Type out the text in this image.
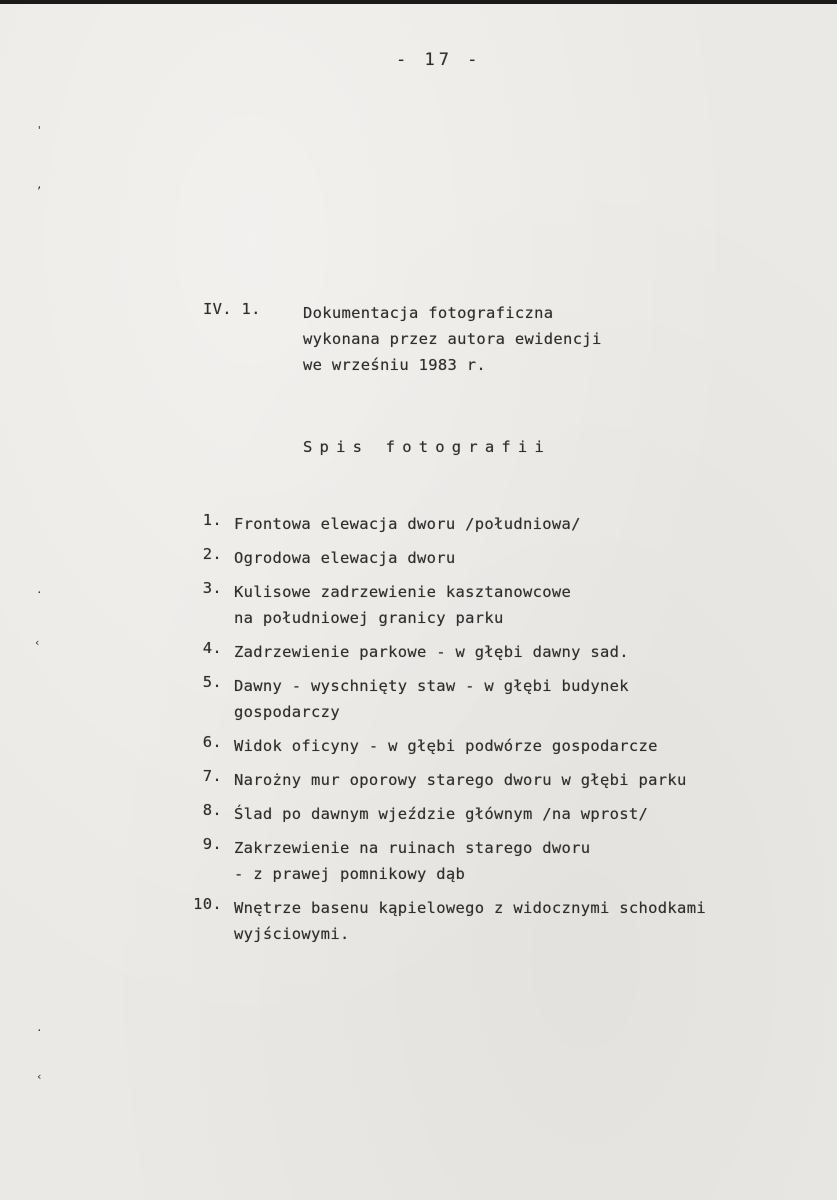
- 17 -
IV. 1.	Dokumentacja fotograficzna
wykonana przez autora ewidencji
we wrześniu 1983 r.
Spis fotografii
1. Frontowa elewacja dworu /południowa/
2. Ogrodowa elewacja dworu
3. Kulisowe zadrzewienie kasztanowcowe
na południowej granicy parku
4. Zadrzewienie parkowe - w głębi dawny sad.
5. Dawny - wyschnięty staw - w głębi budynek
gospodarczy
6. Widok oficyny - w głębi podwórze gospodarcze
7. Narożny mur oporowy starego dworu w głębi parku
8. Ślad po dawnym wjeździe głównym /na wprost/
9. Zakrzewienie na ruinach starego dworu
- z prawej pomnikowy dąb
10. Wnętrze basenu kąpielowego z widocznymi schodkami
wyjściowymi.
'
,
·
‹
·
‹
